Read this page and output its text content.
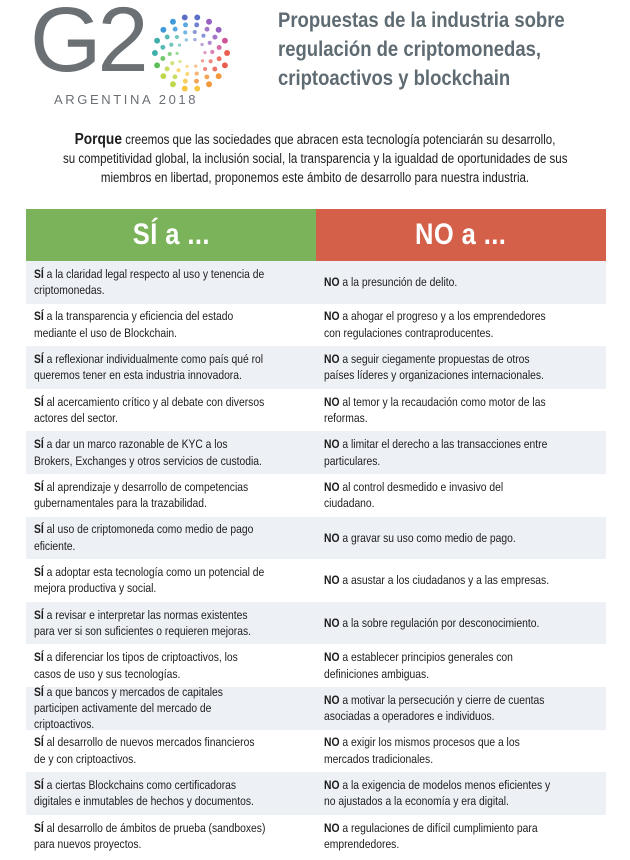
G2
ARGENTINA 2018
Propuestas de la industria sobre
regulación de criptomonedas,
criptoactivos y blockchain
Porque creemos que las sociedades que abracen esta tecnología potenciarán su desarrollo,
su competitividad global, la inclusión social, la transparencia y la igualdad de oportunidades de sus
miembros en libertad, proponemos este ámbito de desarrollo para nuestra industria.
SÍ a ...	NO a ...
SÍ a la claridad legal respecto al uso y tenencia de criptomonedas.
NO a la presunción de delito.
SÍ a la transparencia y eficiencia del estado mediante el uso de Blockchain.
NO a ahogar el progreso y a los emprendedores con regulaciones contraproducentes.
SÍ a reflexionar individualmente como país qué rol queremos tener en esta industria innovadora.
NO a seguir ciegamente propuestas de otros países líderes y organizaciones internacionales.
SÍ al acercamiento crítico y al debate con diversos actores del sector.
NO al temor y la recaudación como motor de las reformas.
SÍ a dar un marco razonable de KYC a los Brokers, Exchanges y otros servicios de custodia.
NO a limitar el derecho a las transacciones entre particulares.
SÍ al aprendizaje y desarrollo de competencias gubernamentales para la trazabilidad.
NO al control desmedido e invasivo del ciudadano.
SÍ al uso de criptomoneda como medio de pago eficiente.
NO a gravar su uso como medio de pago.
SÍ a adoptar esta tecnología como un potencial de mejora productiva y social.
NO a asustar a los ciudadanos y a las empresas.
SÍ a revisar e interpretar las normas existentes para ver si son suficientes o requieren mejoras.
NO a la sobre regulación por desconocimiento.
SÍ a diferenciar los tipos de criptoactivos, los casos de uso y sus tecnologías.
NO a establecer principios generales con definiciones ambiguas.
SÍ a que bancos y mercados de capitales participen activamente del mercado de criptoactivos.
NO a motivar la persecución y cierre de cuentas asociadas a operadores e individuos.
SÍ al desarrollo de nuevos mercados financieros de y con criptoactivos.
NO a exigir los mismos procesos que a los mercados tradicionales.
SÍ a ciertas Blockchains como certificadoras digitales e inmutables de hechos y documentos.
NO a la exigencia de modelos menos eficientes y no ajustados a la economía y era digital.
SÍ al desarrollo de ámbitos de prueba (sandboxes) para nuevos proyectos.
NO a regulaciones de difícil cumplimiento para emprendedores.
